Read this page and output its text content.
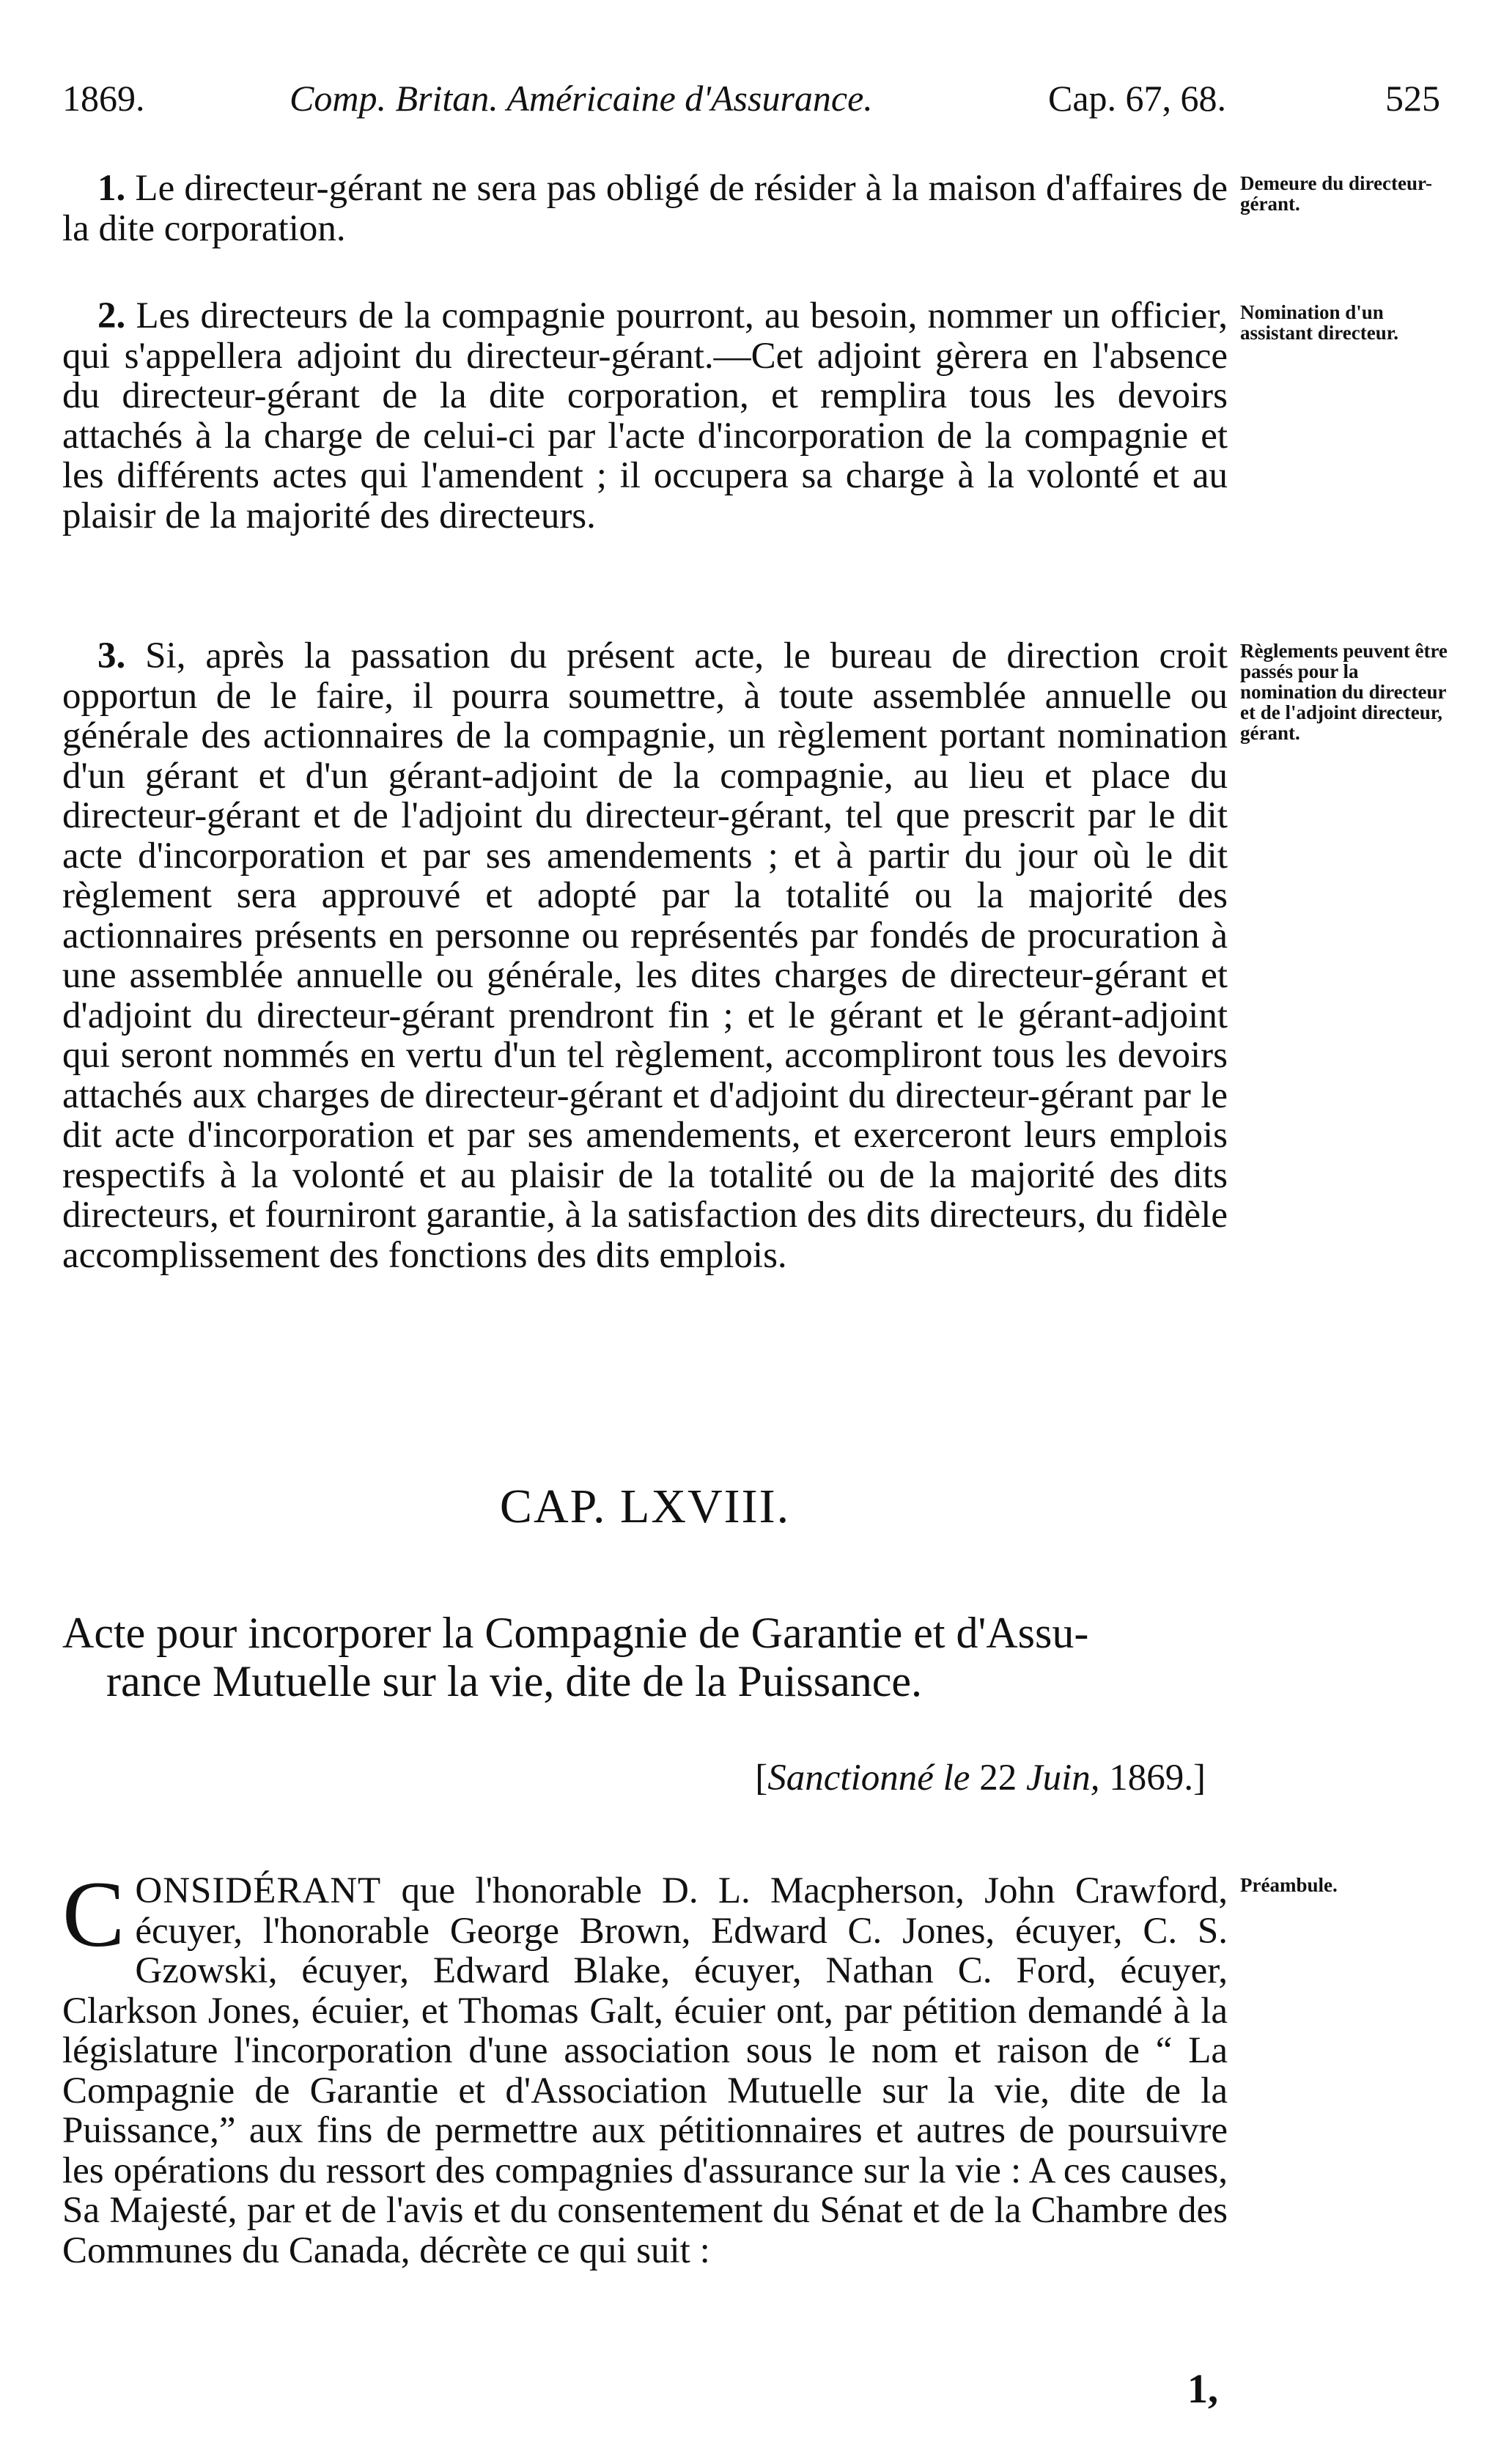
1869.	Comp. Britan. Américaine d'Assurance.	Cap. 67, 68.	525

1. Le directeur-gérant ne sera pas obligé de résider à la maison d'affaires de la dite corporation.

Demeure du directeur-gérant.

2. Les directeurs de la compagnie pourront, au besoin, nommer un officier, qui s'appellera adjoint du directeur-gérant.—Cet adjoint gèrera en l'absence du directeur-gérant de la dite corporation, et remplira tous les devoirs attachés à la charge de celui-ci par l'acte d'incorporation de la compagnie et les différents actes qui l'amendent ; il occupera sa charge à la volonté et au plaisir de la majorité des directeurs.

Nomination d'un assistant directeur.

3. Si, après la passation du présent acte, le bureau de direction croit opportun de le faire, il pourra soumettre, à toute assemblée annuelle ou générale des actionnaires de la compagnie, un règlement portant nomination d'un gérant et d'un gérant-adjoint de la compagnie, au lieu et place du directeur-gérant et de l'adjoint du directeur-gérant, tel que prescrit par le dit acte d'incorporation et par ses amendements ; et à partir du jour où le dit règlement sera approuvé et adopté par la totalité ou la majorité des actionnaires présents en personne ou représentés par fondés de procuration à une assemblée annuelle ou générale, les dites charges de directeur-gérant et d'adjoint du directeur-gérant prendront fin ; et le gérant et le gérant-adjoint qui seront nommés en vertu d'un tel règlement, accompliront tous les devoirs attachés aux charges de directeur-gérant et d'adjoint du directeur-gérant par le dit acte d'incorporation et par ses amendements, et exerceront leurs emplois respectifs à la volonté et au plaisir de la totalité ou de la majorité des dits directeurs, et fourniront garantie, à la satisfaction des dits directeurs, du fidèle accomplissement des fonctions des dits emplois.

Règlements peuvent être passés pour la nomination du directeur et de l'adjoint directeur, gérant.
CAP. LXVIII.
Acte pour incorporer la Compagnie de Garantie et d'Assu-
rance Mutuelle sur la vie, dite de la Puissance.
[Sanctionné le 22 Juin, 1869.]

CONSIDÉRANT que l'honorable D. L. Macpherson, John Crawford, écuyer, l'honorable George Brown, Edward C. Jones, écuyer, C. S. Gzowski, écuyer, Edward Blake, écuyer, Nathan C. Ford, écuyer, Clarkson Jones, écuier, et Thomas Galt, écuier ont, par pétition demandé à la législature l'incorporation d'une association sous le nom et raison de “ La Compagnie de Garantie et d'Association Mutuelle sur la vie, dite de la Puissance,” aux fins de permettre aux pétitionnaires et autres de poursuivre les opérations du ressort des compagnies d'assurance sur la vie : A ces causes, Sa Majesté, par et de l'avis et du consentement du Sénat et de la Chambre des Communes du Canada, décrète ce qui suit :

Préambule.
1,
